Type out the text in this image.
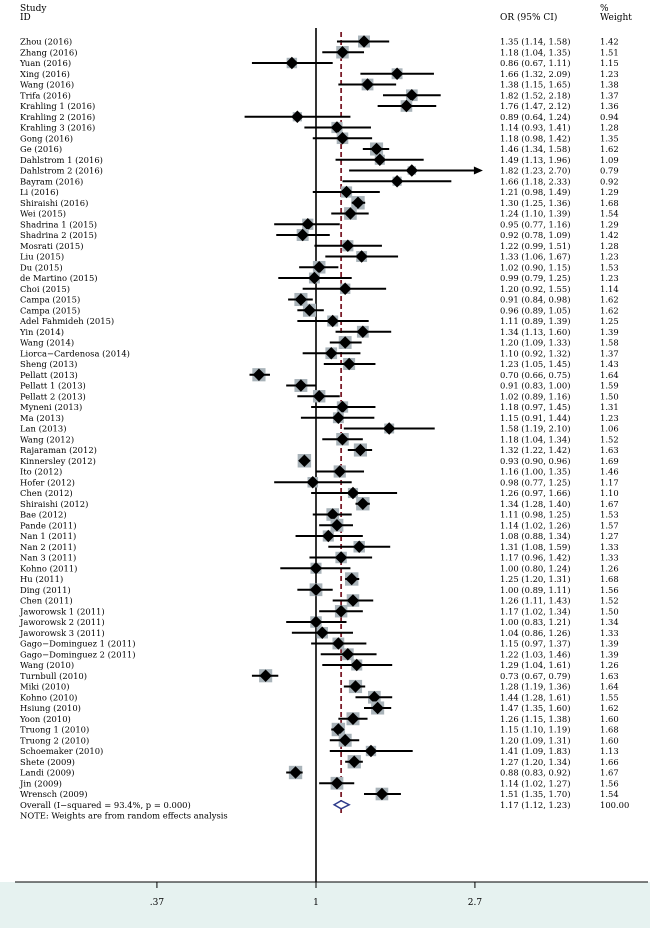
Study
ID	OR (95% CI)
%
Weight
Zhou (2016)	1.35 (1.14, 1.58)	1.42
Zhang (2016)	1.18 (1.04, 1.35)	1.51
Yuan (2016)	0.86 (0.67, 1.11)	1.15
Xing (2016)	1.66 (1.32, 2.09)	1.23
Wang (2016)	1.38 (1.15, 1.65)	1.38
Trifa (2016)	1.82 (1.52, 2.18)	1.37
Krahling 1 (2016)	1.76 (1.47, 2.12)	1.36
Krahling 2 (2016)	0.89 (0.64, 1.24)	0.94
Krahling 3 (2016)	1.14 (0.93, 1.41)	1.28
Gong (2016)	1.18 (0.98, 1.42)	1.35
Ge (2016)	1.46 (1.34, 1.58)	1.62
Dahlstrom 1 (2016)	1.49 (1.13, 1.96)	1.09
Dahlstrom 2 (2016)	1.82 (1.23, 2.70)	0.79
Bayram (2016)	1.66 (1.18, 2.33)	0.92
Li (2016)	1.21 (0.98, 1.49)	1.29
Shiraishi (2016)	1.30 (1.25, 1.36)	1.68
Wei (2015)	1.24 (1.10, 1.39)	1.54
Shadrina 1 (2015)	0.95 (0.77, 1.16)	1.29
Shadrina 2 (2015)	0.92 (0.78, 1.09)	1.42
Mosrati (2015)	1.22 (0.99, 1.51)	1.28
Liu (2015)	1.33 (1.06, 1.67)	1.23
Du (2015)	1.02 (0.90, 1.15)	1.53
de Martino (2015)	0.99 (0.79, 1.25)	1.23
Choi (2015)	1.20 (0.92, 1.55)	1.14
Campa (2015)	0.91 (0.84, 0.98)	1.62
Campa (2015)	0.96 (0.89, 1.05)	1.62
Adel Fahmideh (2015)	1.11 (0.89, 1.39)	1.25
Yin (2014)	1.34 (1.13, 1.60)	1.39
Wang (2014)	1.20 (1.09, 1.33)	1.58
Liorca−Cardenosa (2014)	1.10 (0.92, 1.32)	1.37
Sheng (2013)	1.23 (1.05, 1.45)	1.43
Pellatt (2013)	0.70 (0.66, 0.75)	1.64
Pellatt 1 (2013)	0.91 (0.83, 1.00)	1.59
Pellatt 2 (2013)	1.02 (0.89, 1.16)	1.50
Myneni (2013)	1.18 (0.97, 1.45)	1.31
Ma (2013)	1.15 (0.91, 1.44)	1.23
Lan (2013)	1.58 (1.19, 2.10)	1.06
Wang (2012)	1.18 (1.04, 1.34)	1.52
Rajaraman (2012)	1.32 (1.22, 1.42)	1.63
Kinnersley (2012)	0.93 (0.90, 0.96)	1.69
Ito (2012)	1.16 (1.00, 1.35)	1.46
Hofer (2012)	0.98 (0.77, 1.25)	1.17
Chen (2012)	1.26 (0.97, 1.66)	1.10
Shiraishi (2012)	1.34 (1.28, 1.40)	1.67
Bae (2012)	1.11 (0.98, 1.25)	1.53
Pande (2011)	1.14 (1.02, 1.26)	1.57
Nan 1 (2011)	1.08 (0.88, 1.34)	1.27
Nan 2 (2011)	1.31 (1.08, 1.59)	1.33
Nan 3 (2011)	1.17 (0.96, 1.42)	1.33
Kohno (2011)	1.00 (0.80, 1.24)	1.26
Hu (2011)	1.25 (1.20, 1.31)	1.68
Ding (2011)	1.00 (0.89, 1.11)	1.56
Chen (2011)	1.26 (1.11, 1.43)	1.52
Jaworowsk 1 (2011)	1.17 (1.02, 1.34)	1.50
Jaworowsk 2 (2011)	1.00 (0.83, 1.21)	1.34
Jaworowsk 3 (2011)	1.04 (0.86, 1.26)	1.33
Gago−Dominguez 1 (2011)	1.15 (0.97, 1.37)	1.39
Gago−Dominguez 2 (2011)	1.22 (1.03, 1.46)	1.39
Wang (2010)	1.29 (1.04, 1.61)	1.26
Turnbull (2010)	0.73 (0.67, 0.79)	1.63
Miki (2010)	1.28 (1.19, 1.36)	1.64
Kohno (2010)	1.44 (1.28, 1.61)	1.55
Hsiung (2010)	1.47 (1.35, 1.60)	1.62
Yoon (2010)	1.26 (1.15, 1.38)	1.60
Truong 1 (2010)	1.15 (1.10, 1.19)	1.68
Truong 2 (2010)	1.20 (1.09, 1.31)	1.60
Schoemaker (2010)	1.41 (1.09, 1.83)	1.13
Shete (2009)	1.27 (1.20, 1.34)	1.66
Landi (2009)	0.88 (0.83, 0.92)	1.67
Jin (2009)	1.14 (1.02, 1.27)	1.56
Wrensch (2009)	1.51 (1.35, 1.70)	1.54
Overall (I−squared = 93.4%, p = 0.000)	1.17 (1.12, 1.23)	100.00
NOTE: Weights are from random effects analysis
.37	1	2.7
